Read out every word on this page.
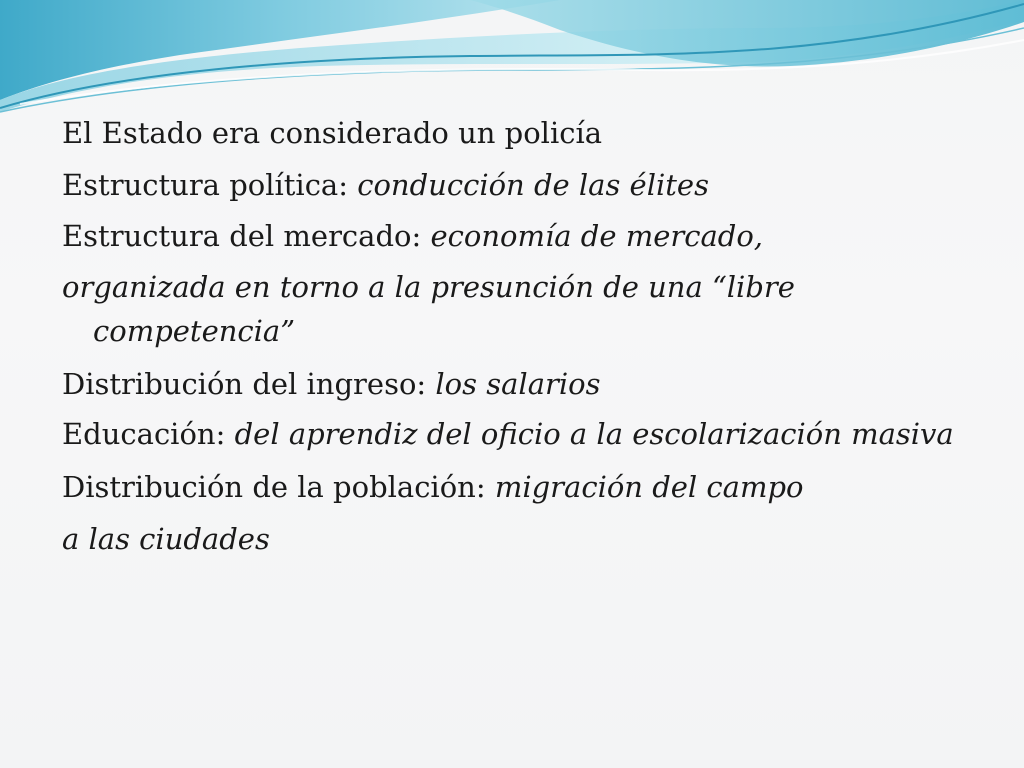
El Estado era considerado un policía
Estructura política: conducción de las élites
Estructura del mercado: economía de mercado,
organizada en torno a la presunción de una “libre competencia”
Distribución del ingreso: los salarios
Educación: del aprendiz del oficio a la escolarización masiva
Distribución de la población: migración del campo
a las ciudades
